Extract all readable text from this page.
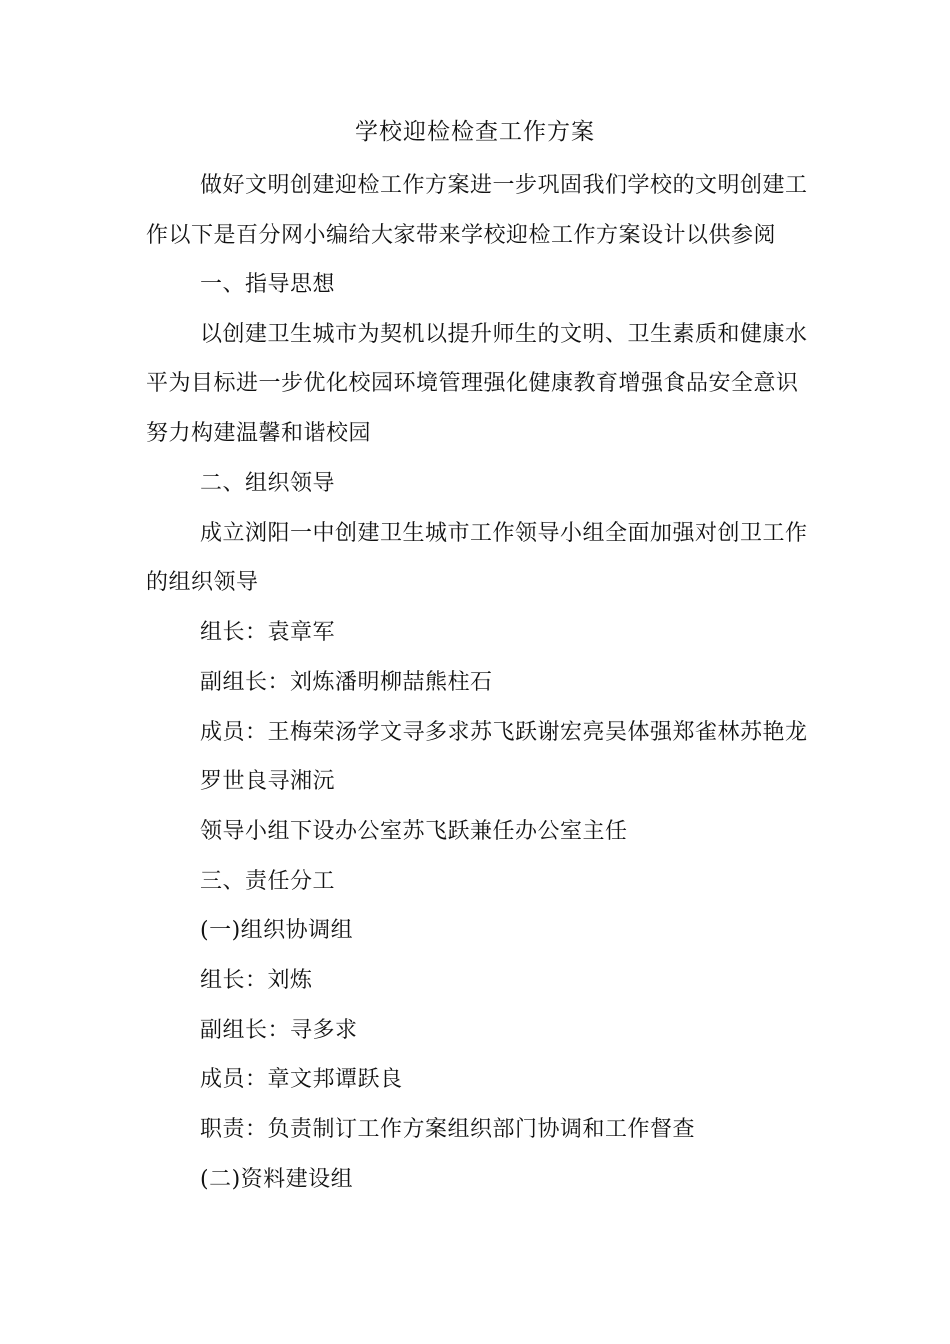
学校迎检检查工作方案

做好文明创建迎检工作方案进一步巩固我们学校的文明创建工

作以下是百分网小编给大家带来学校迎检工作方案设计以供参阅

一、指导思想

以创建卫生城市为契机以提升师生的文明、卫生素质和健康水

平为目标进一步优化校园环境管理强化健康教育增强食品安全意识

努力构建温馨和谐校园

二、组织领导

成立浏阳一中创建卫生城市工作领导小组全面加强对创卫工作

的组织领导

组长：袁章军

副组长：刘炼潘明柳喆熊柱石

成员：王梅荣汤学文寻多求苏飞跃谢宏亮吴体强郑雀林苏艳龙

罗世良寻湘沅

领导小组下设办公室苏飞跃兼任办公室主任

三、责任分工

(一)组织协调组

组长：刘炼

副组长：寻多求

成员：章文邦谭跃良

职责：负责制订工作方案组织部门协调和工作督查

(二)资料建设组
